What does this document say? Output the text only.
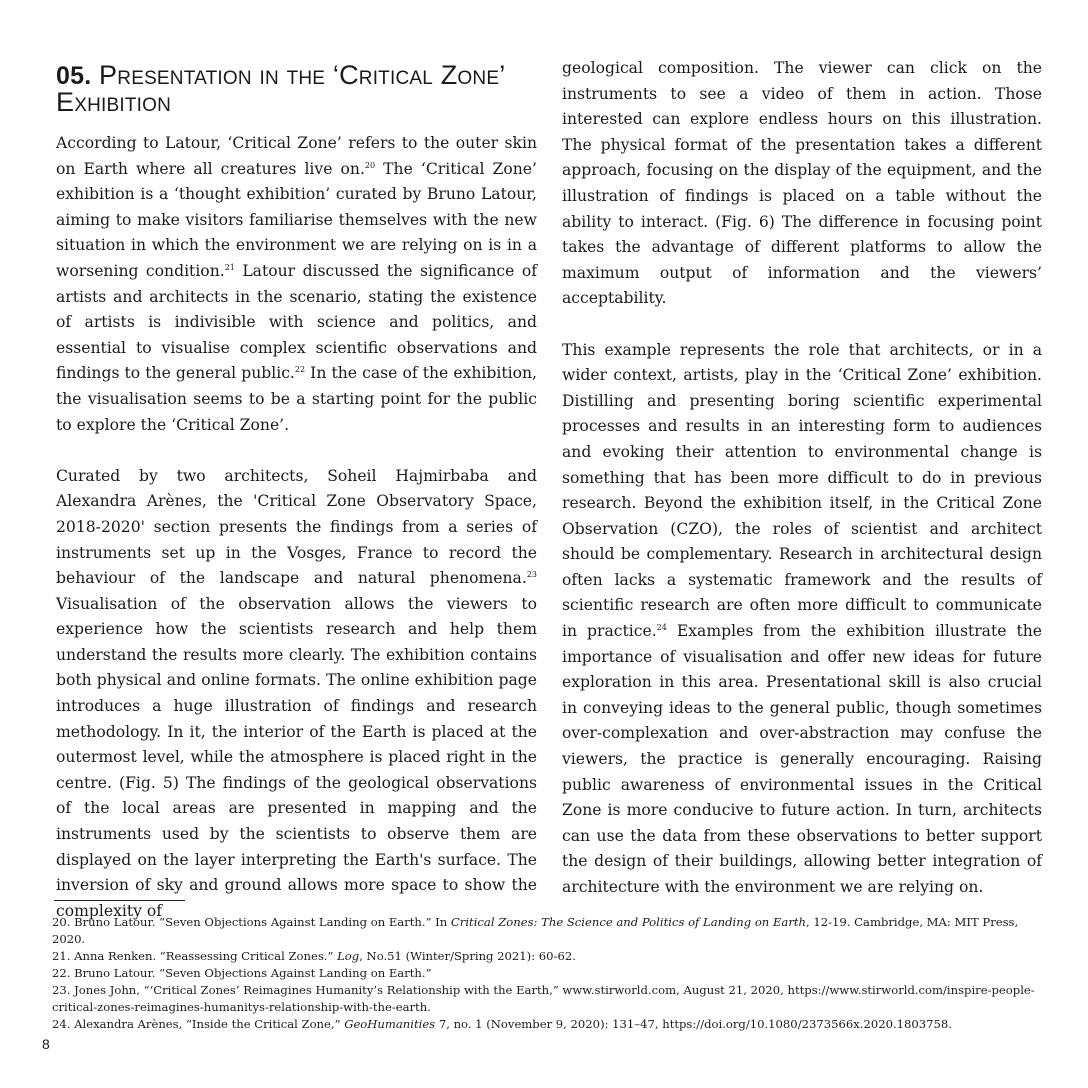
05. Presentation in the ‘Critical Zone’ Exhibition

According to Latour, ‘Critical Zone’ refers to the outer skin on Earth where all creatures live on.$^{20}$ The ‘Critical Zone’ exhibition is a ‘thought exhibition’ curated by Bruno Latour, aiming to make visitors familiarise themselves with the new situation in which the environment we are relying on is in a worsening condition.$^{21}$ Latour discussed the significance of artists and architects in the scenario, stating the existence of artists is indivisible with science and politics, and essential to visualise complex scientific observations and findings to the general public.$^{22}$ In the case of the exhibition, the visualisation seems to be a starting point for the public to explore the ‘Critical Zone’.

Curated by two architects, Soheil Hajmirbaba and Alexandra Arènes, the 'Critical Zone Observatory Space, 2018-2020' section presents the findings from a series of instruments set up in the Vosges, France to record the behaviour of the landscape and natural phenomena.$^{23}$ Visualisation of the observation allows the viewers to experience how the scientists research and help them understand the results more clearly. The exhibition contains both physical and online formats. The online exhibition page introduces a huge illustration of findings and research methodology. In it, the interior of the Earth is placed at the outermost level, while the atmosphere is placed right in the centre. (Fig. 5) The findings of the geological observations of the local areas are presented in mapping and the instruments used by the scientists to observe them are displayed on the layer interpreting the Earth's surface. The inversion of sky and ground allows more space to show the complexity of

geological composition. The viewer can click on the instruments to see a video of them in action. Those interested can explore endless hours on this illustration. The physical format of the presentation takes a different approach, focusing on the display of the equipment, and the illustration of findings is placed on a table without the ability to interact. (Fig. 6) The difference in focusing point takes the advantage of different platforms to allow the maximum output of information and the viewers’ acceptability.

This example represents the role that architects, or in a wider context, artists, play in the ‘Critical Zone’ exhibition. Distilling and presenting boring scientific experimental processes and results in an interesting form to audiences and evoking their attention to environmental change is something that has been more difficult to do in previous research. Beyond the exhibition itself, in the Critical Zone Observation (CZO), the roles of scientist and architect should be complementary. Research in architectural design often lacks a systematic framework and the results of scientific research are often more difficult to communicate in practice.$^{24}$ Examples from the exhibition illustrate the importance of visualisation and offer new ideas for future exploration in this area. Presentational skill is also crucial in conveying ideas to the general public, though sometimes over-complexation and over-abstraction may confuse the viewers, the practice is generally encouraging. Raising public awareness of environmental issues in the Critical Zone is more conducive to future action. In turn, architects can use the data from these observations to better support the design of their buildings, allowing better integration of architecture with the environment we are relying on.

20. Bruno Latour. “Seven Objections Against Landing on Earth.” In Critical Zones: The Science and Politics of Landing on Earth, 12-19. Cambridge, MA: MIT Press, 2020.

21. Anna Renken. “Reassessing Critical Zones.” Log, No.51 (Winter/Spring 2021): 60-62.

22. Bruno Latour. “Seven Objections Against Landing on Earth.”

23. Jones John, “‘Critical Zones’ Reimagines Humanity’s Relationship with the Earth,” www.stirworld.com, August 21, 2020, https://www.stirworld.com/inspire-people-critical-zones-reimagines-humanitys-relationship-with-the-earth.

24. Alexandra Arènes, “Inside the Critical Zone,” GeoHumanities 7, no. 1 (November 9, 2020): 131–47, https://doi.org/10.1080/2373566x.2020.1803758.

8
